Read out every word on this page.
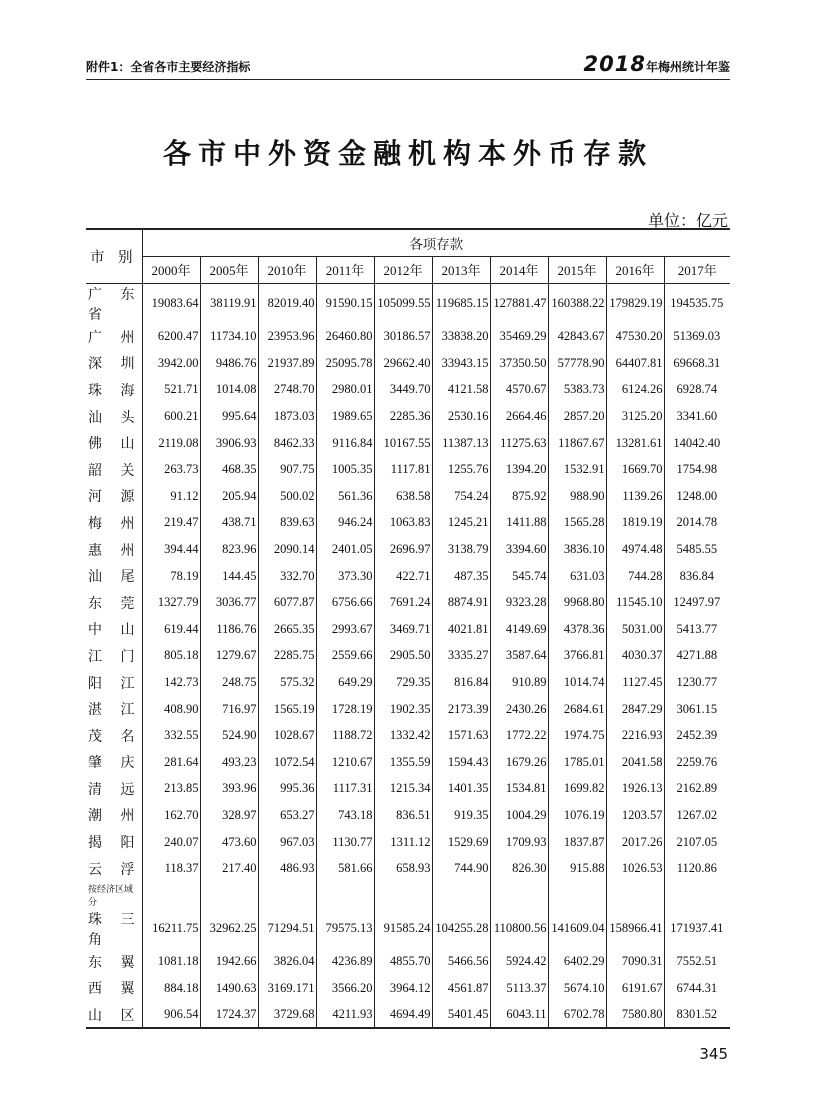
附件1：全省各市主要经济指标	2018年梅州统计年鉴
各市中外资金融机构本外币存款
单位：亿元
市 别	各项存款									
	2000年	2005年	2010年	2011年	2012年	2013年	2014年	2015年	2016年	2017年
广东省	19083.64	38119.91	82019.40	91590.15	105099.55	119685.15	127881.47	160388.22	179829.19	194535.75
广 州	6200.47	11734.10	23953.96	26460.80	30186.57	33838.20	35469.29	42843.67	47530.20	51369.03
深 圳	3942.00	9486.76	21937.89	25095.78	29662.40	33943.15	37350.50	57778.90	64407.81	69668.31
珠 海	521.71	1014.08	2748.70	2980.01	3449.70	4121.58	4570.67	5383.73	6124.26	6928.74
汕 头	600.21	995.64	1873.03	1989.65	2285.36	2530.16	2664.46	2857.20	3125.20	3341.60
佛 山	2119.08	3906.93	8462.33	9116.84	10167.55	11387.13	11275.63	11867.67	13281.61	14042.40
韶 关	263.73	468.35	907.75	1005.35	1117.81	1255.76	1394.20	1532.91	1669.70	1754.98
河 源	91.12	205.94	500.02	561.36	638.58	754.24	875.92	988.90	1139.26	1248.00
梅 州	219.47	438.71	839.63	946.24	1063.83	1245.21	1411.88	1565.28	1819.19	2014.78
惠 州	394.44	823.96	2090.14	2401.05	2696.97	3138.79	3394.60	3836.10	4974.48	5485.55
汕 尾	78.19	144.45	332.70	373.30	422.71	487.35	545.74	631.03	744.28	836.84
东 莞	1327.79	3036.77	6077.87	6756.66	7691.24	8874.91	9323.28	9968.80	11545.10	12497.97
中 山	619.44	1186.76	2665.35	2993.67	3469.71	4021.81	4149.69	4378.36	5031.00	5413.77
江 门	805.18	1279.67	2285.75	2559.66	2905.50	3335.27	3587.64	3766.81	4030.37	4271.88
阳 江	142.73	248.75	575.32	649.29	729.35	816.84	910.89	1014.74	1127.45	1230.77
湛 江	408.90	716.97	1565.19	1728.19	1902.35	2173.39	2430.26	2684.61	2847.29	3061.15
茂 名	332.55	524.90	1028.67	1188.72	1332.42	1571.63	1772.22	1974.75	2216.93	2452.39
肇 庆	281.64	493.23	1072.54	1210.67	1355.59	1594.43	1679.26	1785.01	2041.58	2259.76
清 远	213.85	393.96	995.36	1117.31	1215.34	1401.35	1534.81	1699.82	1926.13	2162.89
潮 州	162.70	328.97	653.27	743.18	836.51	919.35	1004.29	1076.19	1203.57	1267.02
揭 阳	240.07	473.60	967.03	1130.77	1311.12	1529.69	1709.93	1837.87	2017.26	2107.05
云 浮	118.37	217.40	486.93	581.66	658.93	744.90	826.30	915.88	1026.53	1120.86
按经济区域分										
珠三角	16211.75	32962.25	71294.51	79575.13	91585.24	104255.28	110800.56	141609.04	158966.41	171937.41
东 翼	1081.18	1942.66	3826.04	4236.89	4855.70	5466.56	5924.42	6402.29	7090.31	7552.51
西 翼	884.18	1490.63	3169.171	3566.20	3964.12	4561.87	5113.37	5674.10	6191.67	6744.31
山 区	906.54	1724.37	3729.68	4211.93	4694.49	5401.45	6043.11	6702.78	7580.80	8301.52
345
